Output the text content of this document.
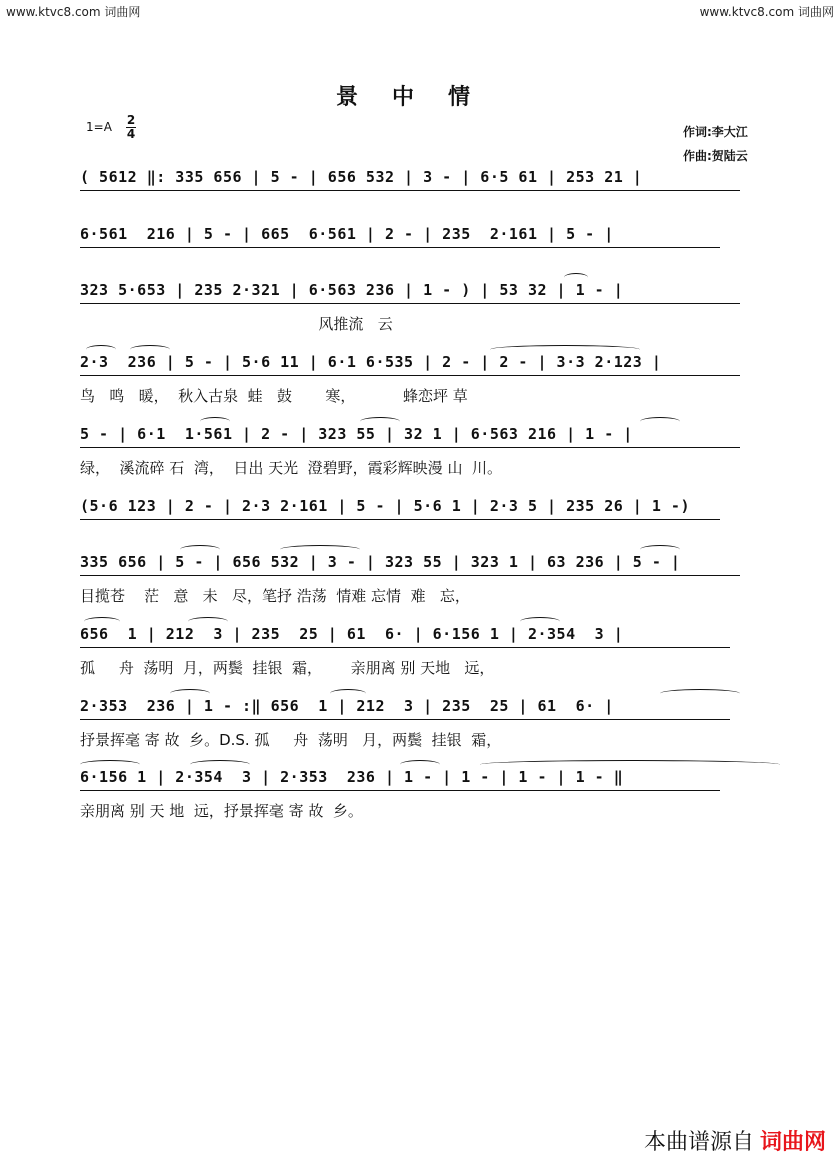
www.ktvc8.com 词曲网	www.ktvc8.com 词曲网
景中情
1=A 2
4	作词:李大江
作曲:贺陆云
( 5612 ‖: 335 656 | 5 - | 656 532 | 3 - | 6·5 61 | 253 21 |
6·561  216 | 5 - | 665  6·561 | 2 - | 235  2·161 | 5 - |
323 5·653 | 235 2·321 | 6·563 236 | 1 - ) | 53 32 | 1 - |
风推流   云
2·3  236 | 5 - | 5·6 11 | 6·1 6·535 | 2 - | 2 - | 3·3 2·123 |
鸟   鸣   暖，  秋入古泉  蛙   鼓       寒，          蜂恋坪 草
5 - | 6·1  1·561 | 2 - | 323 55 | 32 1 | 6·563 216 | 1 - |
绿，  溪流碎 石  湾，  日出 天光  澄碧野，霞彩辉映漫 山  川。
(5·6 123 | 2 - | 2·3 2·161 | 5 - | 5·6 1 | 2·3 5 | 235 26 | 1 -)
335 656 | 5 - | 656 532 | 3 - | 323 55 | 323 1 | 63 236 | 5 - |
目揽苍    茫   意   未   尽，笔抒 浩荡  情难 忘情  难   忘，
656  1 | 212  3 | 235  25 | 61  6· | 6·156 1 | 2·354  3 |
孤     舟  荡明  月，两鬓  挂银  霜，      亲朋离 别 天地   远，
2·353  236 | 1 - :‖ 656  1 | 212  3 | 235  25 | 61  6· |
抒景挥毫 寄 故  乡。D.S. 孤     舟  荡明   月，两鬓  挂银  霜，
6·156 1 | 2·354  3 | 2·353  236 | 1 - | 1 - | 1 - | 1 - ‖
亲朋离 别 天 地  远，抒景挥毫 寄 故  乡。
本曲谱源自 词曲网
